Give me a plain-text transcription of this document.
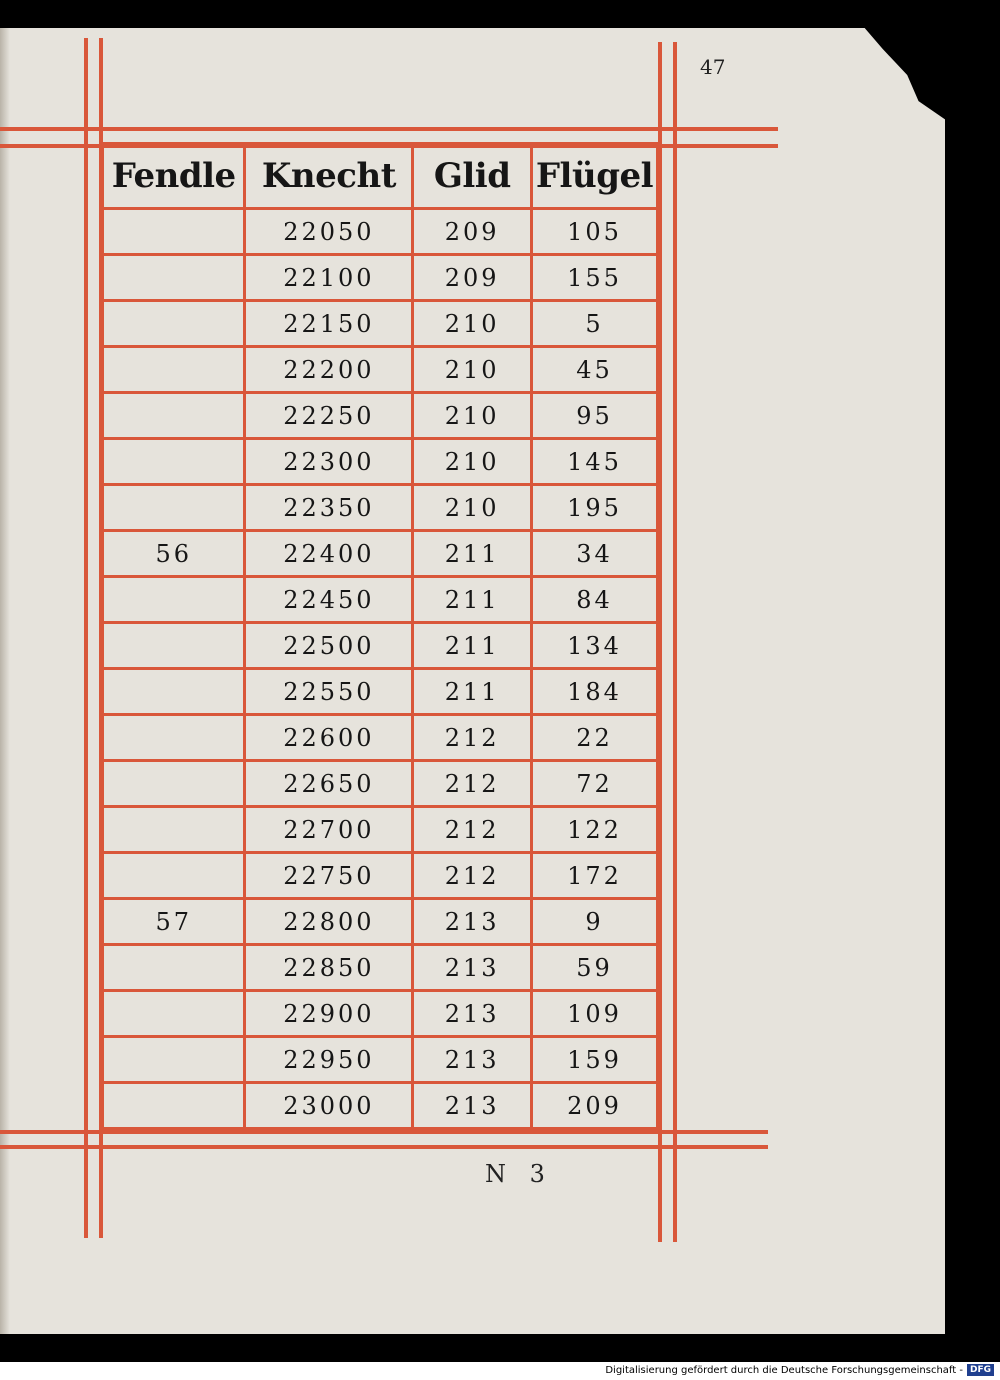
47
Fendle	Knecht	Glid	Flügel
	22050	209	105
	22100	209	155
	22150	210	5
	22200	210	45
	22250	210	95
	22300	210	145
	22350	210	195
56	22400	211	34
	22450	211	84
	22500	211	134
	22550	211	184
	22600	212	22
	22650	212	72
	22700	212	122
	22750	212	172
57	22800	213	9
	22850	213	59
	22900	213	109
	22950	213	159
	23000	213	209
N 3
Digitalisierung gefördert durch die Deutsche Forschungsgemeinschaft - DFG
